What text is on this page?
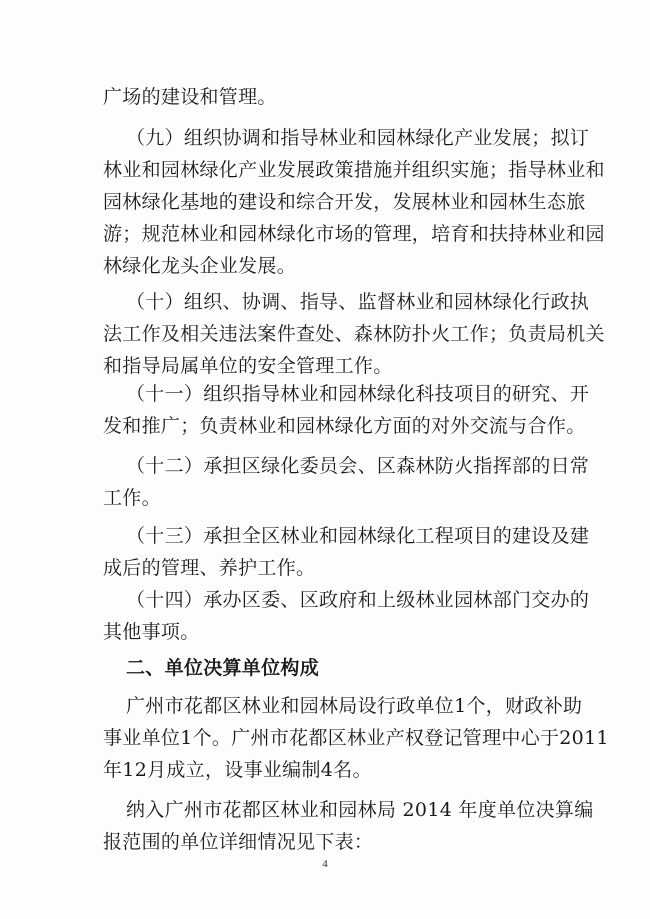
广场的建设和管理。
（九）组织协调和指导林业和园林绿化产业发展；拟订
林业和园林绿化产业发展政策措施并组织实施；指导林业和
园林绿化基地的建设和综合开发，发展林业和园林生态旅
游；规范林业和园林绿化市场的管理，培育和扶持林业和园
林绿化龙头企业发展。
（十）组织、协调、指导、监督林业和园林绿化行政执
法工作及相关违法案件查处、森林防扑火工作；负责局机关
和指导局属单位的安全管理工作。
（十一）组织指导林业和园林绿化科技项目的研究、开
发和推广；负责林业和园林绿化方面的对外交流与合作。
（十二）承担区绿化委员会、区森林防火指挥部的日常
工作。
（十三）承担全区林业和园林绿化工程项目的建设及建
成后的管理、养护工作。
（十四）承办区委、区政府和上级林业园林部门交办的
其他事项。
二、单位决算单位构成
广州市花都区林业和园林局设行政单位1个，财政补助
事业单位1个。广州市花都区林业产权登记管理中心于2011
年12月成立，设事业编制4名。
4
纳入广州市花都区林业和园林局 2014 年度单位决算编
报范围的单位详细情况见下表：
